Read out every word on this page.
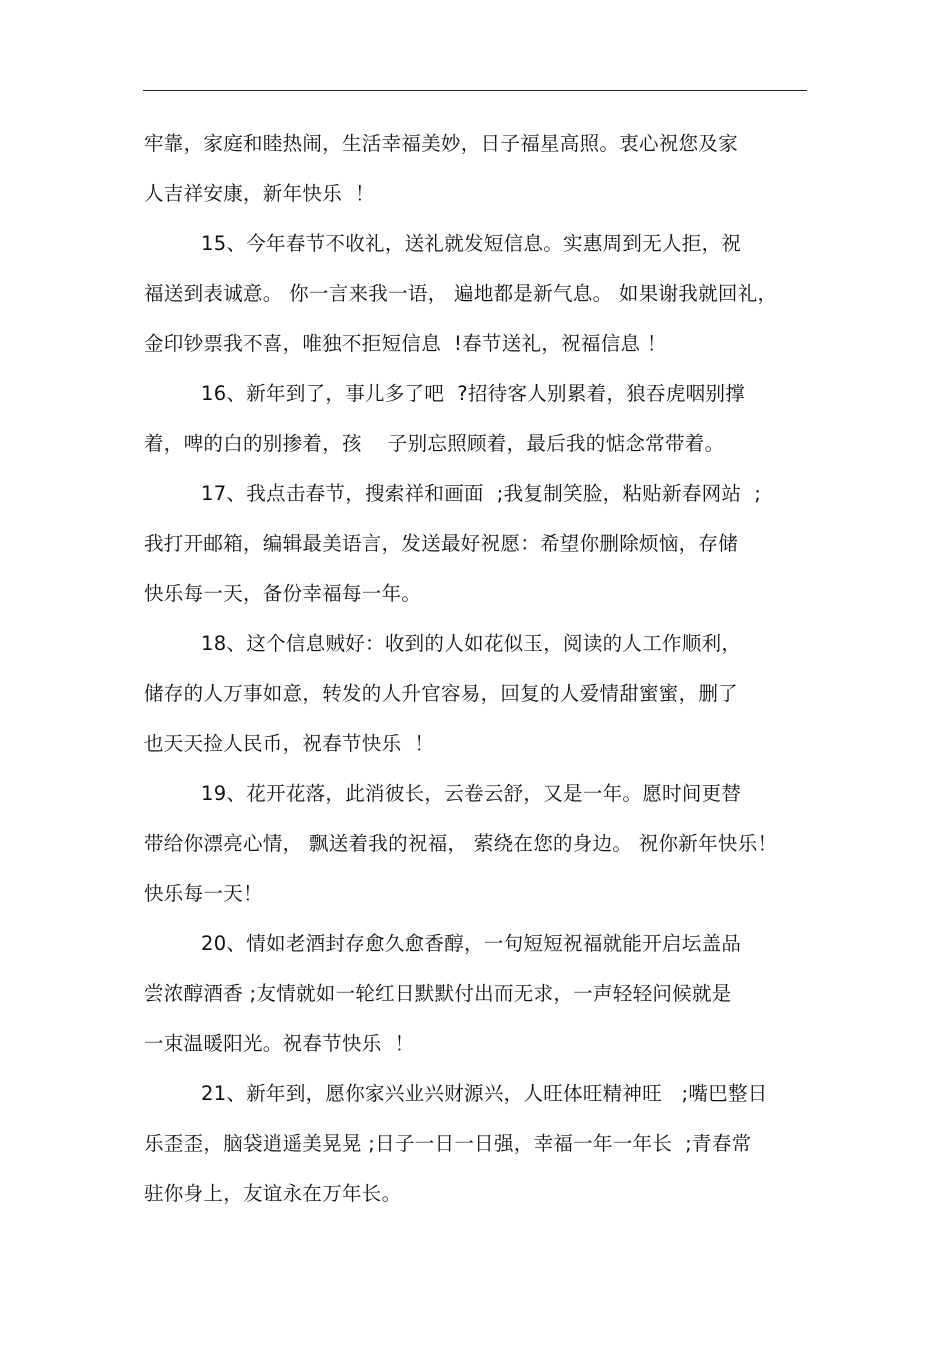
牢靠，家庭和睦热闹，生活幸福美妙，日子福星高照。衷心祝您及家
人吉祥安康，新年快乐  ！
15、今年春节不收礼，送礼就发短信息。实惠周到无人拒，祝
福送到表诚意。 你一言来我一语， 遍地都是新气息。 如果谢我就回礼，
金印钞票我不喜，唯独不拒短信息  !春节送礼，祝福信息 ！
16、新年到了，事儿多了吧  ?招待客人别累着，狼吞虎咽别撑
着，啤的白的别掺着，孩    子别忘照顾着，最后我的惦念常带着。
17、我点击春节，搜索祥和画面  ;我复制笑脸，粘贴新春网站  ;
我打开邮箱，编辑最美语言，发送最好祝愿：希望你删除烦恼，存储
快乐每一天，备份幸福每一年。
18、这个信息贼好：收到的人如花似玉，阅读的人工作顺利，
储存的人万事如意，转发的人升官容易，回复的人爱情甜蜜蜜，删了
也天天捡人民币，祝春节快乐  ！
19、花开花落，此消彼长，云卷云舒，又是一年。愿时间更替
带给你漂亮心情， 飘送着我的祝福， 萦绕在您的身边。 祝你新年快乐！
快乐每一天！
20、情如老酒封存愈久愈香醇，一句短短祝福就能开启坛盖品
尝浓醇酒香 ;友情就如一轮红日默默付出而无求，一声轻轻问候就是
一束温暖阳光。祝春节快乐  ！
21、新年到，愿你家兴业兴财源兴，人旺体旺精神旺   ;嘴巴整日
乐歪歪，脑袋逍遥美晃晃 ;日子一日一日强，幸福一年一年长  ;青春常
驻你身上，友谊永在万年长。
